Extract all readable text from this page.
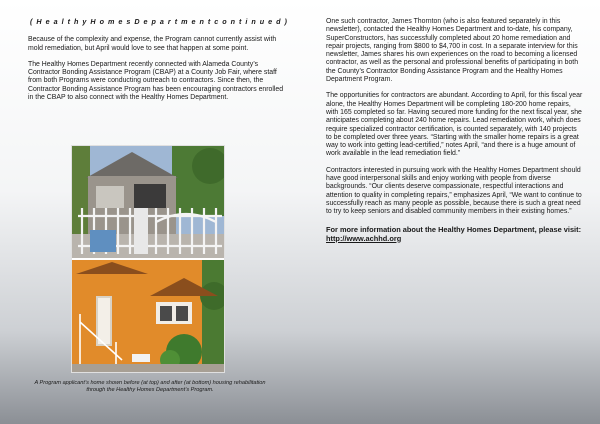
( H e a l t h y H o m e s D e p a r t m e n t c o n t i n u e d )

Because of the complexity and expense, the Program cannot currently assist with mold remediation, but April would love to see that happen at some point.

The Healthy Homes Department recently connected with Alameda County’s Contractor Bonding Assistance Program (CBAP) at a County Job Fair, where staff from both Programs were conducting outreach to contractors. Since then, the Contractor Bonding Assistance Program has been encouraging contractors enrolled in the CBAP to also connect with the Healthy Homes Department.

A Program applicant’s home shown before (at top) and after (at bottom) housing rehabilitation through the Healthy Homes Department’s Program.

One such contractor, James Thornton (who is also featured separately in this newsletter), contacted the Healthy Homes Department and to-date, his company, SuperConstructors, has successfully completed about 20 home remediation and repair projects, ranging from $800 to $4,700 in cost. In a separate interview for this newsletter, James shares his own experiences on the road to becoming a licensed contractor, as well as the personal and professional benefits of participating in both the County’s Contractor Bonding Assistance Program and the Healthy Homes Department Program.

The opportunities for contractors are abundant. According to April, for this fiscal year alone, the Healthy Homes Department will be completing 180-200 home repairs, with 165 completed so far. Having secured more funding for the next fiscal year, she anticipates completing about 240 home repairs. Lead remediation work, which does require specialized contractor certification, is counted separately, with 140 projects to be completed over three years. “Starting with the smaller home repairs is a great way to work into getting lead-certified,” notes April, “and there is a huge amount of work available in the lead remediation field.”

Contractors interested in pursuing work with the Healthy Homes Department should have good interpersonal skills and enjoy working with people from diverse backgrounds. “Our clients deserve compassionate, respectful interactions and attention to quality in completing repairs,” emphasizes April, “We want to continue to successfully reach as many people as possible, because there is such a great need to try to keep seniors and disabled community members in their existing homes.”

For more information about the Healthy Homes Department, please visit: http://www.achhd.org
